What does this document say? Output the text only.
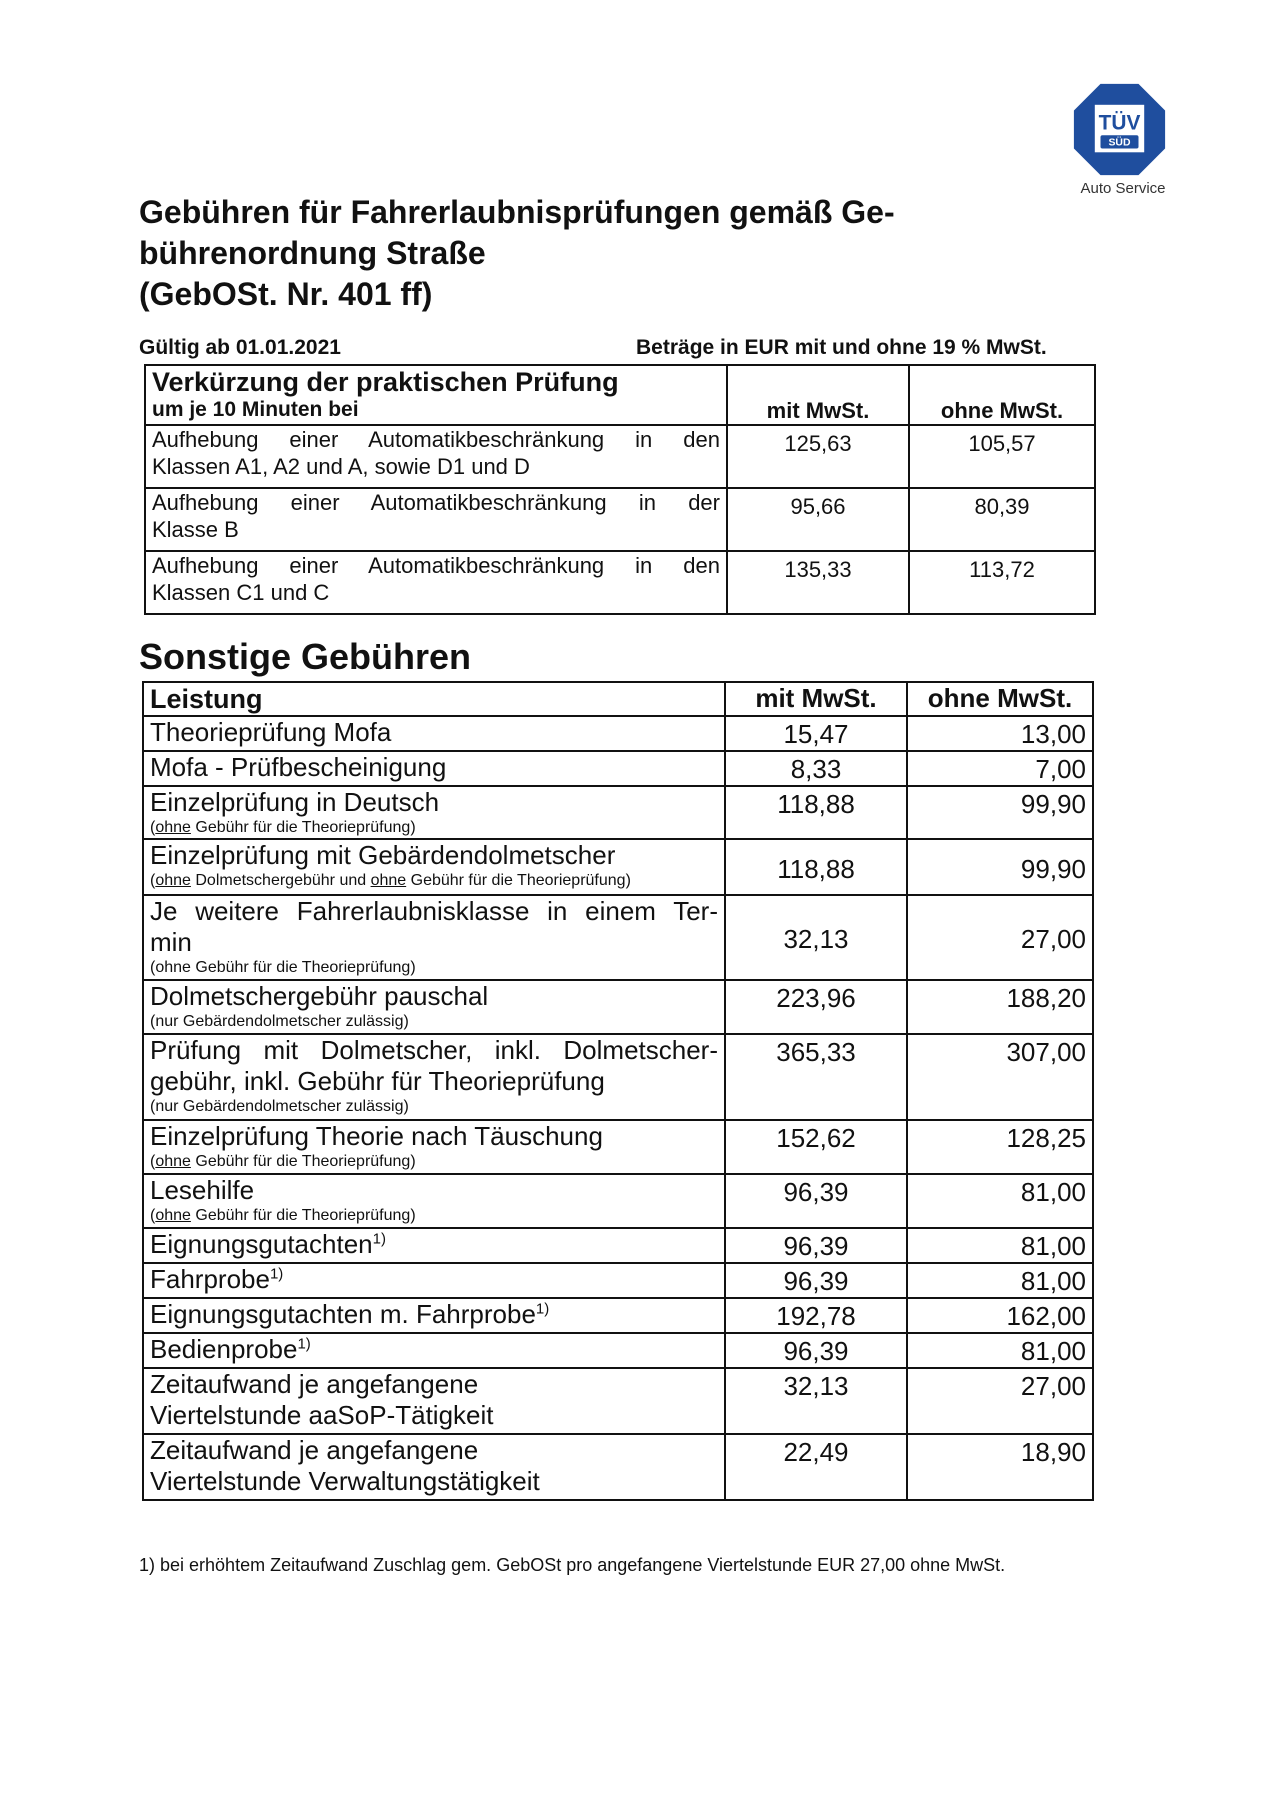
TÜV
SÜD
Auto Service
Gebühren für Fahrerlaubnisprüfungen gemäß Ge-
bührenordnung Straße
(GebOSt. Nr. 401 ff)
Gültig ab 01.01.2021	Beträge in EUR mit und ohne 19 % MwSt.
Verkürzung der praktischen Prüfung
um je 10 Minuten bei	mit MwSt.	ohne MwSt.

Aufhebung einer Automatikbeschränkung in den
Klassen A1, A2 und A, sowie D1 und D	125,63	105,57

Aufhebung einer Automatikbeschränkung in der
Klasse B	95,66	80,39

Aufhebung einer Automatikbeschränkung in den
Klassen C1 und C	135,33	113,72
Sonstige Gebühren
Leistung	mit MwSt.	ohne MwSt.
Theorieprüfung Mofa	15,47	13,00
Mofa - Prüfbescheinigung	8,33	7,00
Einzelprüfung in Deutsch
(ohne Gebühr für die Theorieprüfung)	118,88	99,90
Einzelprüfung mit Gebärdendolmetscher
(ohne Dolmetschergebühr und ohne Gebühr für die Theorieprüfung)	118,88	99,90

Je weitere Fahrerlaubnisklasse in einem Ter-
min
(ohne Gebühr für die Theorieprüfung)	32,13	27,00
Dolmetschergebühr pauschal
(nur Gebärdendolmetscher zulässig)	223,96	188,20

Prüfung mit Dolmetscher, inkl. Dolmetscher-
gebühr, inkl. Gebühr für Theorieprüfung
(nur Gebärdendolmetscher zulässig)	365,33	307,00
Einzelprüfung Theorie nach Täuschung
(ohne Gebühr für die Theorieprüfung)	152,62	128,25
Lesehilfe
(ohne Gebühr für die Theorieprüfung)	96,39	81,00
Eignungsgutachten$^{1)}$	96,39	81,00
Fahrprobe$^{1)}$	96,39	81,00
Eignungsgutachten m. Fahrprobe$^{1)}$	192,78	162,00
Bedienprobe$^{1)}$	96,39	81,00

Zeitaufwand je angefangene
Viertelstunde aaSoP-Tätigkeit	32,13	27,00

Zeitaufwand je angefangene
Viertelstunde Verwaltungstätigkeit	22,49	18,90
1) bei erhöhtem Zeitaufwand Zuschlag gem. GebOSt pro angefangene Viertelstunde EUR 27,00 ohne MwSt.
